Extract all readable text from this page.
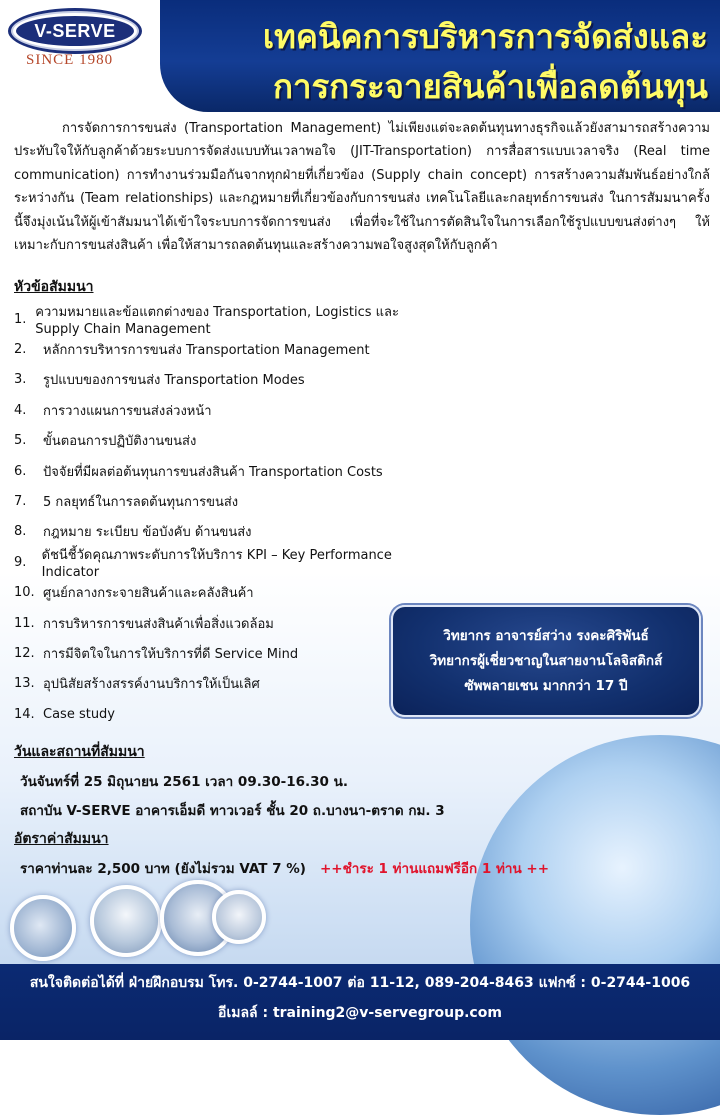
V-SERVE
SINCE 1980
เทคนิคการบริหารการจัดส่งและ
การกระจายสินค้าเพื่อลดต้นทุน
การจัดการการขนส่ง (Transportation Management) ไม่เพียงแต่จะลดต้นทุนทางธุรกิจแล้วยังสามารถสร้างความประทับใจให้กับลูกค้าด้วยระบบการจัดส่งแบบทันเวลาพอใจ (JIT-Transportation) การสื่อสารแบบเวลาจริง (Real time communication) การทำงานร่วมมือกันจากทุกฝ่ายที่เกี่ยวข้อง (Supply chain concept) การสร้างความสัมพันธ์อย่างใกล้ระหว่างกัน (Team relationships) และกฎหมายที่เกี่ยวข้องกับการขนส่ง เทคโนโลยีและกลยุทธ์การขนส่ง ในการสัมมนาครั้งนี้จึงมุ่งเน้นให้ผู้เข้าสัมมนาได้เข้าใจระบบการจัดการขนส่ง เพื่อที่จะใช้ในการตัดสินใจในการเลือกใช้รูปแบบขนส่งต่างๆ ให้เหมาะกับการขนส่งสินค้า เพื่อให้สามารถลดต้นทุนและสร้างความพอใจสูงสุดให้กับลูกค้า
หัวข้อสัมมนา
1. ความหมายและข้อแตกต่างของ Transportation, Logistics และ Supply Chain Management
2.	หลักการบริหารการขนส่ง Transportation Management
3.	รูปแบบของการขนส่ง Transportation Modes
4.	การวางแผนการขนส่งล่วงหน้า
5.	ขั้นตอนการปฏิบัติงานขนส่ง
6.	ปัจจัยที่มีผลต่อต้นทุนการขนส่งสินค้า Transportation Costs
7.	5 กลยุทธ์ในการลดต้นทุนการขนส่ง
8.	กฎหมาย ระเบียบ ข้อบังคับ ด้านขนส่ง
9.	ดัชนีชี้วัดคุณภาพระดับการให้บริการ KPI – Key Performance Indicator
10. ศูนย์กลางกระจายสินค้าและคลังสินค้า
11. การบริหารการขนส่งสินค้าเพื่อสิ่งแวดล้อม
12. การมีจิตใจในการให้บริการที่ดี Service Mind
13. อุปนิสัยสร้างสรรค์งานบริการให้เป็นเลิศ
14. Case study
วิทยากร อาจารย์สว่าง รงคะศิริพันธ์
วิทยากรผู้เชี่ยวชาญในสายงานโลจิสติกส์
ซัพพลายเชน มากกว่า 17 ปี
วันและสถานที่สัมมนา
วันจันทร์ที่ 25 มิถุนายน 2561 เวลา 09.30-16.30 น.
สถาบัน V-SERVE อาคารเอ็มดี ทาวเวอร์ ชั้น 20 ถ.บางนา-ตราด กม. 3
อัตราค่าสัมมนา
ราคาท่านละ 2,500 บาท (ยังไม่รวม VAT 7 %) ++ชำระ 1 ท่านแถมฟรีอีก 1 ท่าน ++
สนใจติดต่อได้ที่ ฝ่ายฝึกอบรม โทร. 0-2744-1007 ต่อ 11-12, 089-204-8463 แฟกซ์ : 0-2744-1006
อีเมลล์ : training2@v-servegroup.com
